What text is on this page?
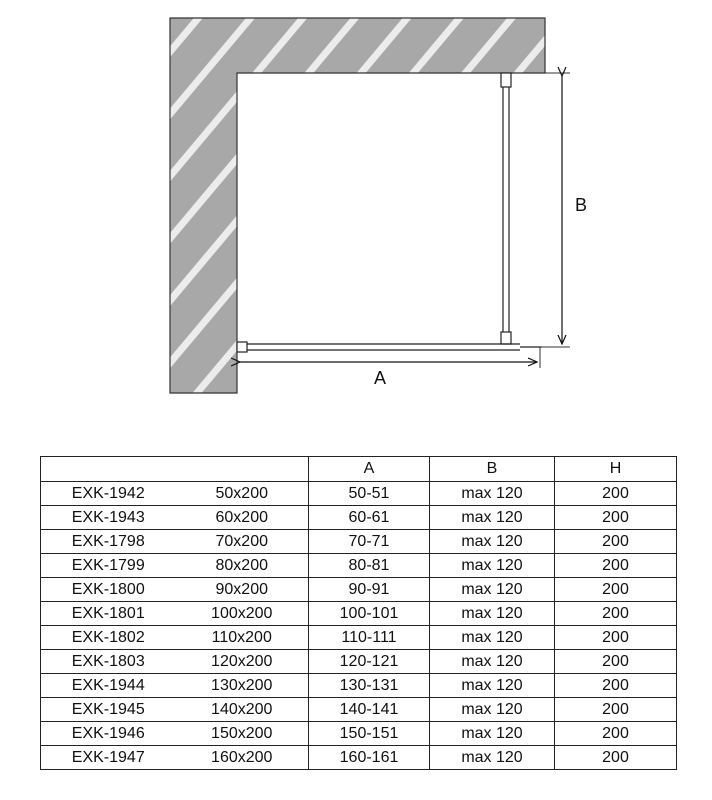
B
A
		A	B	H
EXK-1942	50x200	50-51	max 120	200
EXK-1943	60x200	60-61	max 120	200
EXK-1798	70x200	70-71	max 120	200
EXK-1799	80x200	80-81	max 120	200
EXK-1800	90x200	90-91	max 120	200
EXK-1801	100x200	100-101	max 120	200
EXK-1802	110x200	110-111	max 120	200
EXK-1803	120x200	120-121	max 120	200
EXK-1944	130x200	130-131	max 120	200
EXK-1945	140x200	140-141	max 120	200
EXK-1946	150x200	150-151	max 120	200
EXK-1947	160x200	160-161	max 120	200
